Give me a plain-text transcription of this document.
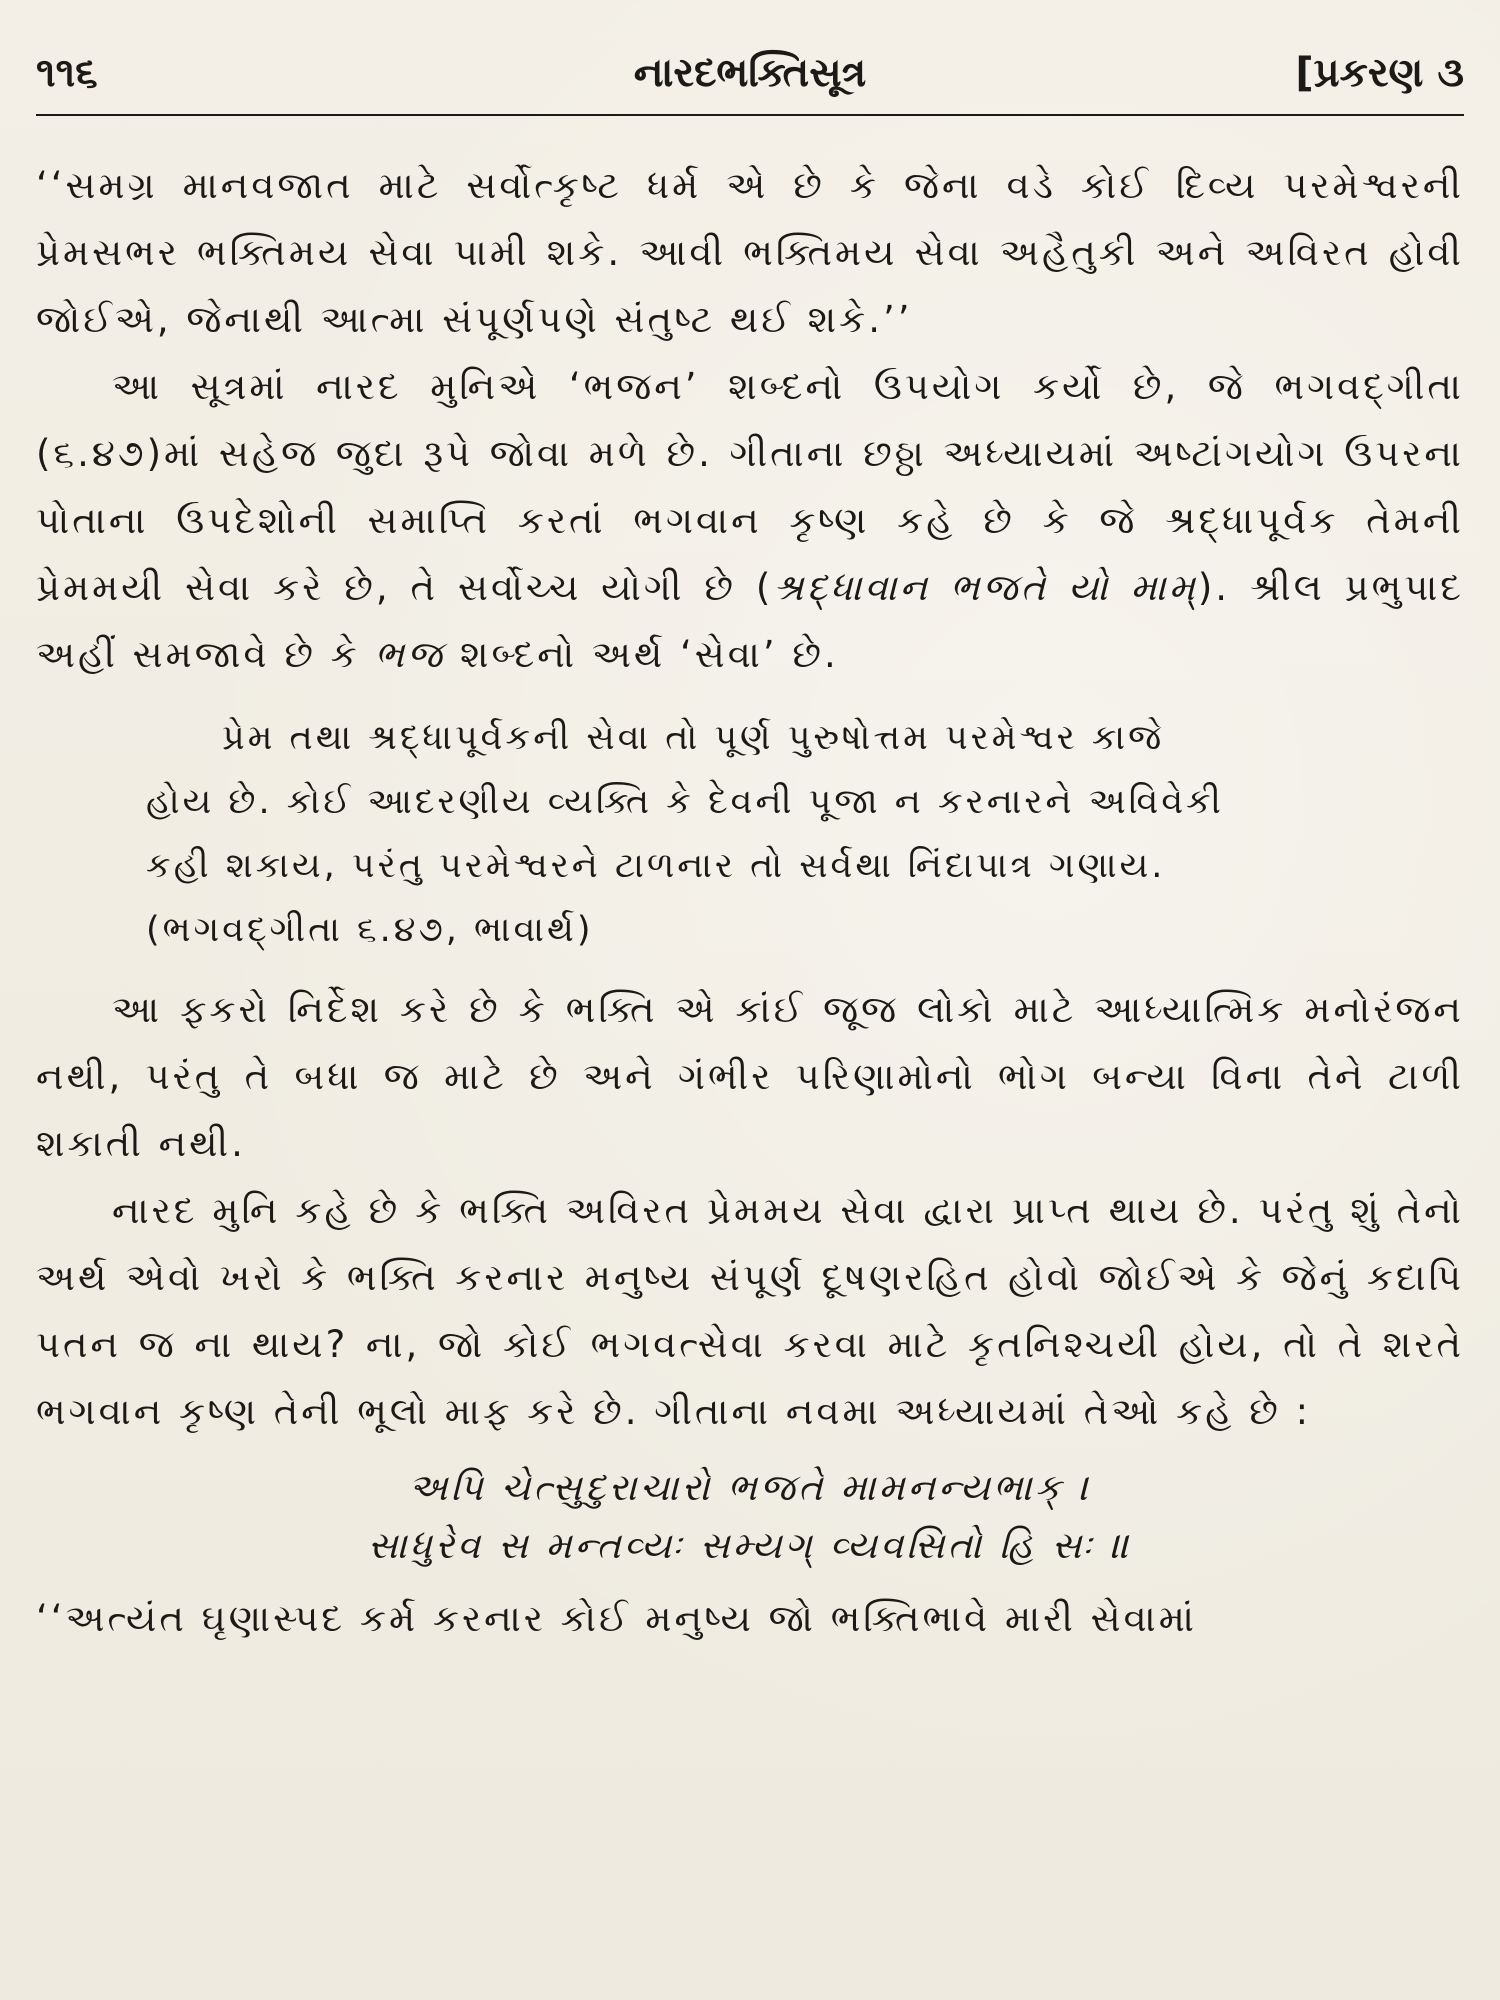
૧૧૬	નારદભક્તિસૂત્ર	[પ્રકરણ ૩

‘‘સમગ્ર માનવજાત માટે સર્વોત્કૃષ્ટ ધર્મ એ છે કે જેના વડે કોઈ દિવ્ય પરમેશ્વરની પ્રેમસભર ભક્તિમય સેવા પામી શકે. આવી ભક્તિમય સેવા અહૈતુકી અને અવિરત હોવી જોઈએ, જેનાથી આત્મા સંપૂર્ણપણે સંતુષ્ટ થઈ શકે.’’

આ સૂત્રમાં નારદ મુનિએ ‘ભજન’ શબ્દનો ઉપયોગ કર્યો છે, જે ભગવદ્‌ગીતા (૬.૪૭)માં સહેજ જુદા રૂપે જોવા મળે છે. ગીતાના છઠ્ઠા અધ્યાયમાં અષ્ટાંગયોગ ઉપરના પોતાના ઉપદેશોની સમાપ્તિ કરતાં ભગવાન કૃષ્ણ કહે છે કે જે શ્રદ્ધાપૂર્વક તેમની પ્રેમમયી સેવા કરે છે, તે સર્વોચ્ચ યોગી છે (શ્રદ્ધાવાન ભજતે યો મામ્‌). શ્રીલ પ્રભુપાદ અહીં સમજાવે છે કે ભજ શબ્દનો અર્થ ‘સેવા’ છે.

પ્રેમ તથા શ્રદ્ધાપૂર્વકની સેવા તો પૂર્ણ પુરુષોત્તમ પરમેશ્વર કાજે

હોય છે. કોઈ આદરણીય વ્યક્તિ કે દેવની પૂજા ન કરનારને અવિવેકી

કહી શકાય, પરંતુ પરમેશ્વરને ટાળનાર તો સર્વથા નિંદાપાત્ર ગણાય.

(ભગવદ્‌ગીતા ૬.૪૭, ભાવાર્થ)

આ ફકરો નિર્દેશ કરે છે કે ભક્તિ એ કાંઈ જૂજ લોકો માટે આધ્યાત્મિક મનોરંજન નથી, પરંતુ તે બધા જ માટે છે અને ગંભીર પરિણામોનો ભોગ બન્યા વિના તેને ટાળી શકાતી નથી.

નારદ મુનિ કહે છે કે ભક્તિ અવિરત પ્રેમમય સેવા દ્વારા પ્રાપ્ત થાય છે. પરંતુ શું તેનો અર્થ એવો ખરો કે ભક્તિ કરનાર મનુષ્ય સંપૂર્ણ દૂષણરહિત હોવો જોઈએ કે જેનું કદાપિ પતન જ ના થાય? ના, જો કોઈ ભગવત્સેવા કરવા માટે કૃતનિશ્ચયી હોય, તો તે શરતે ભગવાન કૃષ્ણ તેની ભૂલો માફ કરે છે. ગીતાના નવમા અધ્યાયમાં તેઓ કહે છે :

અપિ ચેત્સુદુરાચારો ભજતે મામનન્યભાક્‌ ।

સાધુરેવ સ મન્તવ્યઃ સમ્યગ્‌ વ્યવસિતો હિ સઃ ॥

‘‘અત્યંત ઘૃણાસ્પદ કર્મ કરનાર કોઈ મનુષ્ય જો ભક્તિભાવે મારી સેવામાં
